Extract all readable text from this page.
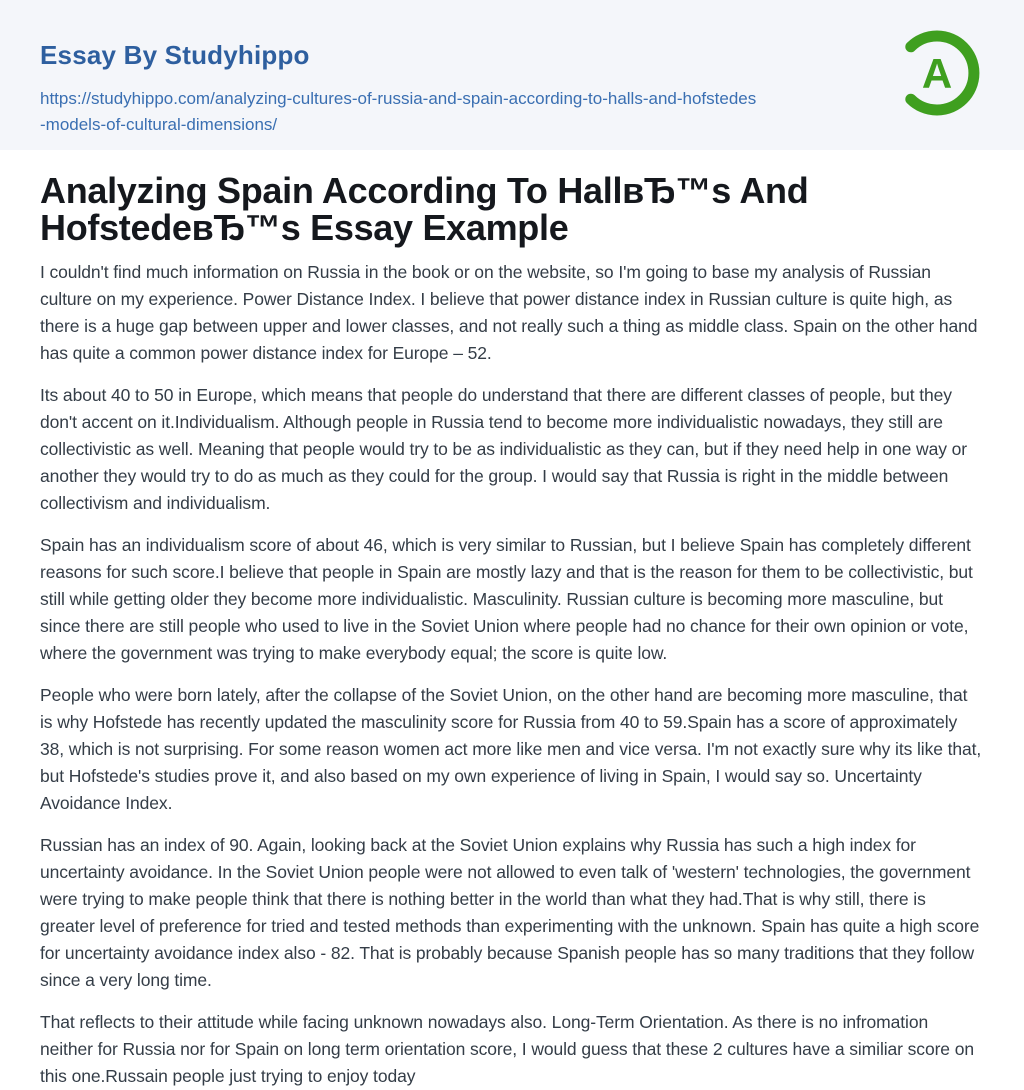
Essay By Studyhippo
https://studyhippo.com/analyzing-cultures-of-russia-and-spain-according-to-halls-and-hofstedes-models-of-cultural-dimensions/
A
Analyzing Spain According To HallвЂ™s And HofstedeвЂ™s Essay Example

I couldn't find much information on Russia in the book or on the website, so I'm going to base my analysis of Russian culture on my experience. Power Distance Index. I believe that power distance index in Russian culture is quite high, as there is a huge gap between upper and lower classes, and not really such a thing as middle class. Spain on the other hand has quite a common power distance index for Europe – 52.

Its about 40 to 50 in Europe, which means that people do understand that there are different classes of people, but they don't accent on it.Individualism. Although people in Russia tend to become more individualistic nowadays, they still are collectivistic as well. Meaning that people would try to be as individualistic as they can, but if they need help in one way or another they would try to do as much as they could for the group. I would say that Russia is right in the middle between collectivism and individualism.

Spain has an individualism score of about 46, which is very similar to Russian, but I believe Spain has completely different reasons for such score.I believe that people in Spain are mostly lazy and that is the reason for them to be collectivistic, but still while getting older they become more individualistic. Masculinity. Russian culture is becoming more masculine, but since there are still people who used to live in the Soviet Union where people had no chance for their own opinion or vote, where the government was trying to make everybody equal; the score is quite low.

People who were born lately, after the collapse of the Soviet Union, on the other hand are becoming more masculine, that is why Hofstede has recently updated the masculinity score for Russia from 40 to 59.Spain has a score of approximately 38, which is not surprising. For some reason women act more like men and vice versa. I'm not exactly sure why its like that, but Hofstede's studies prove it, and also based on my own experience of living in Spain, I would say so. Uncertainty Avoidance Index.

Russian has an index of 90. Again, looking back at the Soviet Union explains why Russia has such a high index for uncertainty avoidance. In the Soviet Union people were not allowed to even talk of 'western' technologies, the government were trying to make people think that there is nothing better in the world than what they had.That is why still, there is greater level of preference for tried and tested methods than experimenting with the unknown. Spain has quite a high score for uncertainty avoidance index also - 82. That is probably because Spanish people has so many traditions that they follow since a very long time.

That reflects to their attitude while facing unknown nowadays also. Long-Term Orientation. As there is no infromation neither for Russia nor for Spain on long term orientation score, I would guess that these 2 cultures have a similiar score on this one.Russain people just trying to enjoy today
